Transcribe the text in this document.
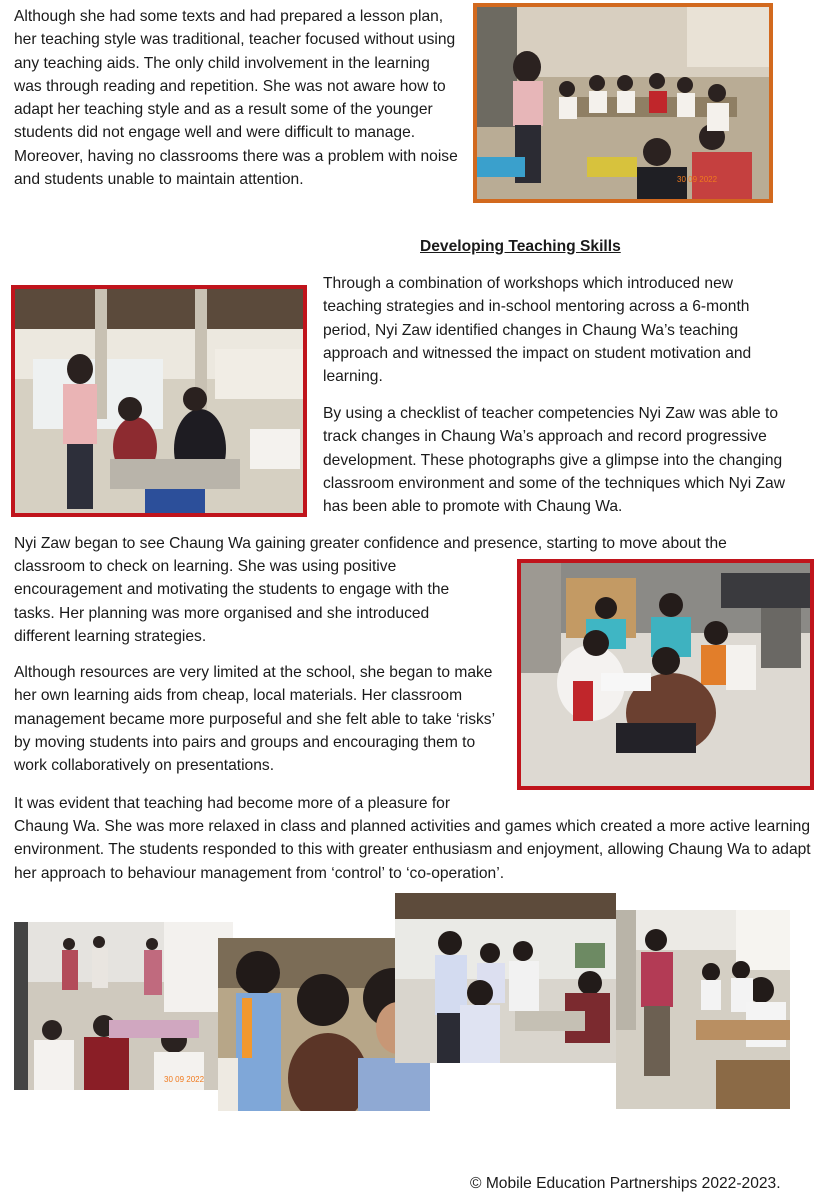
Although she had some texts and had prepared a lesson plan, her teaching style was traditional, teacher focused without using any teaching aids. The only child involvement in the learning was through reading and repetition. She was not aware how to adapt her teaching style and as a result some of the younger students did not engage well and were difficult to manage. Moreover, having no classrooms there was a problem with noise and students unable to maintain attention.	30 09 2022

Developing Teaching Skills

Through a combination of workshops which introduced new teaching strategies and in-school mentoring across a 6-month period, Nyi Zaw identified changes in Chaung Wa’s teaching approach and witnessed the impact on student motivation and learning.

By using a checklist of teacher competencies Nyi Zaw was able to track changes in Chaung Wa’s approach and record progressive development. These photographs give a glimpse into the changing classroom environment and some of the techniques which Nyi Zaw has been able to promote with Chaung Wa.

Nyi Zaw began to see Chaung Wa gaining greater confidence and presence, starting to move about the

classroom to check on learning. She was using positive encouragement and motivating the students to engage with the tasks. Her planning was more organised and she introduced different learning strategies.

Although resources are very limited at the school, she began to make her own learning aids from cheap, local materials. Her classroom management became more purposeful and she felt able to take ‘risks’ by moving students into pairs and groups and encouraging them to work collaboratively on presentations.

It was evident that teaching had become more of a pleasure for

Chaung Wa. She was more relaxed in class and planned activities and games which created a more active learning environment. The students responded to this with greater enthusiasm and enjoyment, allowing Chaung Wa to adapt her approach to behaviour management from ‘control’ to ‘co-operation’.

30 09 2022
© Mobile Education Partnerships 2022-2023.
